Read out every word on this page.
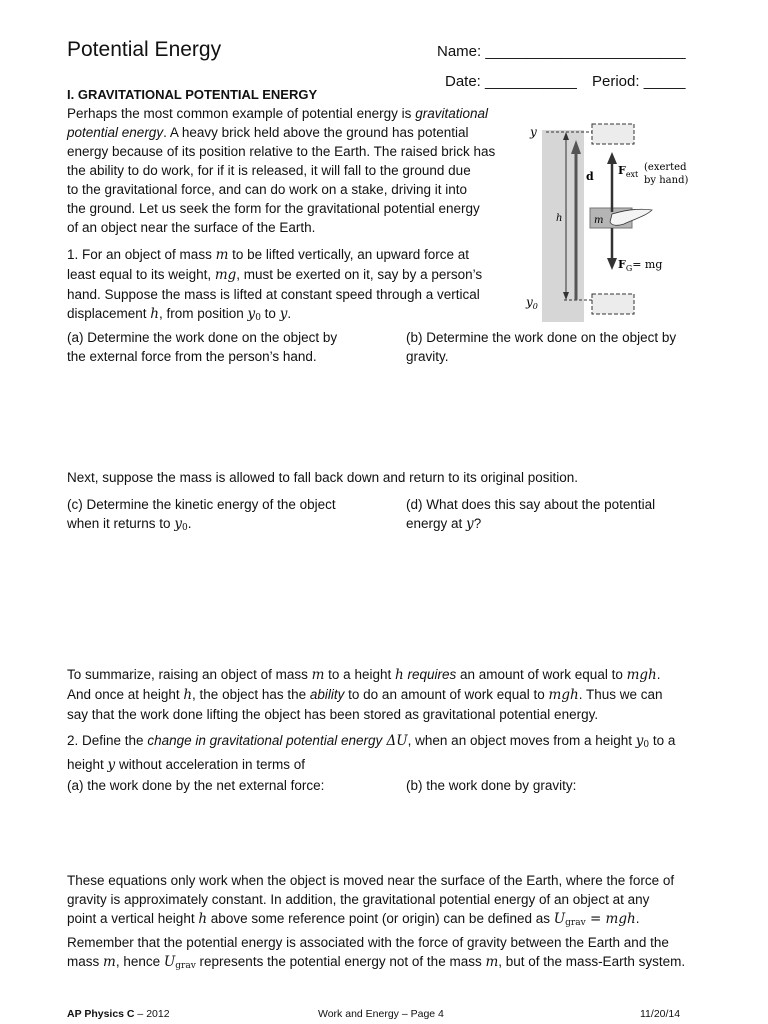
Potential Energy	Name: ________________________
Date: ___________ Period: _____
I. GRAVITATIONAL POTENTIAL ENERGY
Perhaps the most common example of potential energy is gravitational
potential energy. A heavy brick held above the ground has potential
energy because of its position relative to the Earth. The raised brick has
the ability to do work, for if it is released, it will fall to the ground due
to the gravitational force, and can do work on a stake, driving it into
the ground. Let us seek the form for the gravitational potential energy
of an object near the surface of the Earth.
1. For an object of mass m to be lifted vertically, an upward force at
least equal to its weight, mg, must be exerted on it, say by a person’s
hand. Suppose the mass is lifted at constant speed through a vertical
displacement h, from position $y_0$ to y.
y
$y_0$
h	m
d $F_{ext}$
(exerted
by hand)
$F_G=$ mg
(a) Determine the work done on the object by
the external force from the person’s hand.
(b) Determine the work done on the object by
gravity.
Next, suppose the mass is allowed to fall back down and return to its original position.
(c) Determine the kinetic energy of the object
when it returns to $y_0$.
(d) What does this say about the potential
energy at y?
To summarize, raising an object of mass m to a height h requires an amount of work equal to mgh.
And once at height h, the object has the ability to do an amount of work equal to mgh. Thus we can
say that the work done lifting the object has been stored as gravitational potential energy.
2. Define the change in gravitational potential energy ΔU, when an object moves from a height $y_0$ to a
height y without acceleration in terms of
(a) the work done by the net external force:	(b) the work done by gravity:
These equations only work when the object is moved near the surface of the Earth, where the force of
gravity is approximately constant. In addition, the gravitational potential energy of an object at any
point a vertical height h above some reference point (or origin) can be defined as $U_{grav}$ = mgh.
Remember that the potential energy is associated with the force of gravity between the Earth and the
mass m, hence $U_{grav}$ represents the potential energy not of the mass m, but of the mass-Earth system.
AP Physics C – 2012	Work and Energy – Page 4	11/20/14
